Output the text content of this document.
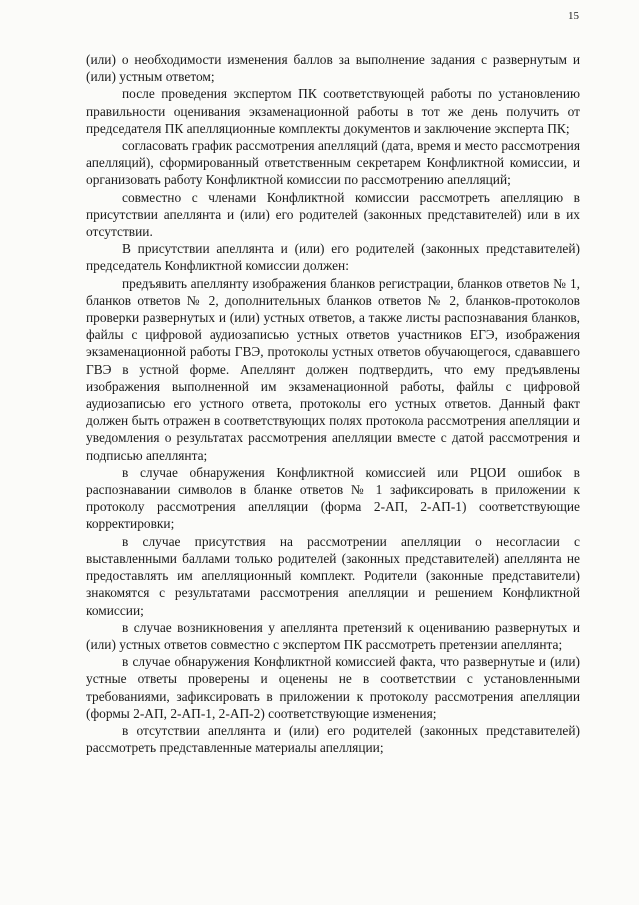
15

(или) о необходимости изменения баллов за выполнение задания с развернутым и (или) устным ответом;

после проведения экспертом ПК соответствующей работы по установлению правильности оценивания экзаменационной работы в тот же день получить от председателя ПК апелляционные комплекты документов и заключение эксперта ПК;

согласовать график рассмотрения апелляций (дата, время и место рассмотрения апелляций), сформированный ответственным секретарем Конфликтной комиссии, и организовать работу Конфликтной комиссии по рассмотрению апелляций;

совместно с членами Конфликтной комиссии рассмотреть апелляцию в присутствии апеллянта и (или) его родителей (законных представителей) или в их отсутствии.

В присутствии апеллянта и (или) его родителей (законных представителей) председатель Конфликтной комиссии должен:

предъявить апеллянту изображения бланков регистрации, бланков ответов № 1, бланков ответов № 2, дополнительных бланков ответов № 2, бланков-протоколов проверки развернутых и (или) устных ответов, а также листы распознавания бланков, файлы с цифровой аудиозаписью устных ответов участников ЕГЭ, изображения экзаменационной работы ГВЭ, протоколы устных ответов обучающегося, сдававшего ГВЭ в устной форме. Апеллянт должен подтвердить, что ему предъявлены изображения выполненной им экзаменационной работы, файлы с цифровой аудиозаписью его устного ответа, протоколы его устных ответов. Данный факт должен быть отражен в соответствующих полях протокола рассмотрения апелляции и уведомления о результатах рассмотрения апелляции вместе с датой рассмотрения и подписью апеллянта;

в случае обнаружения Конфликтной комиссией или РЦОИ ошибок в распознавании символов в бланке ответов № 1 зафиксировать в приложении к протоколу рассмотрения апелляции (форма 2-АП, 2-АП-1) соответствующие корректировки;

в случае присутствия на рассмотрении апелляции о несогласии с выставленными баллами только родителей (законных представителей) апеллянта не предоставлять им апелляционный комплект. Родители (законные представители) знакомятся с результатами рассмотрения апелляции и решением Конфликтной комиссии;

в случае возникновения у апеллянта претензий к оцениванию развернутых и (или) устных ответов совместно с экспертом ПК рассмотреть претензии апеллянта;

в случае обнаружения Конфликтной комиссией факта, что развернутые и (или) устные ответы проверены и оценены не в соответствии с установленными требованиями, зафиксировать в приложении к протоколу рассмотрения апелляции (формы 2-АП, 2-АП-1, 2-АП-2) соответствующие изменения;

в отсутствии апеллянта и (или) его родителей (законных представителей) рассмотреть представленные материалы апелляции;
